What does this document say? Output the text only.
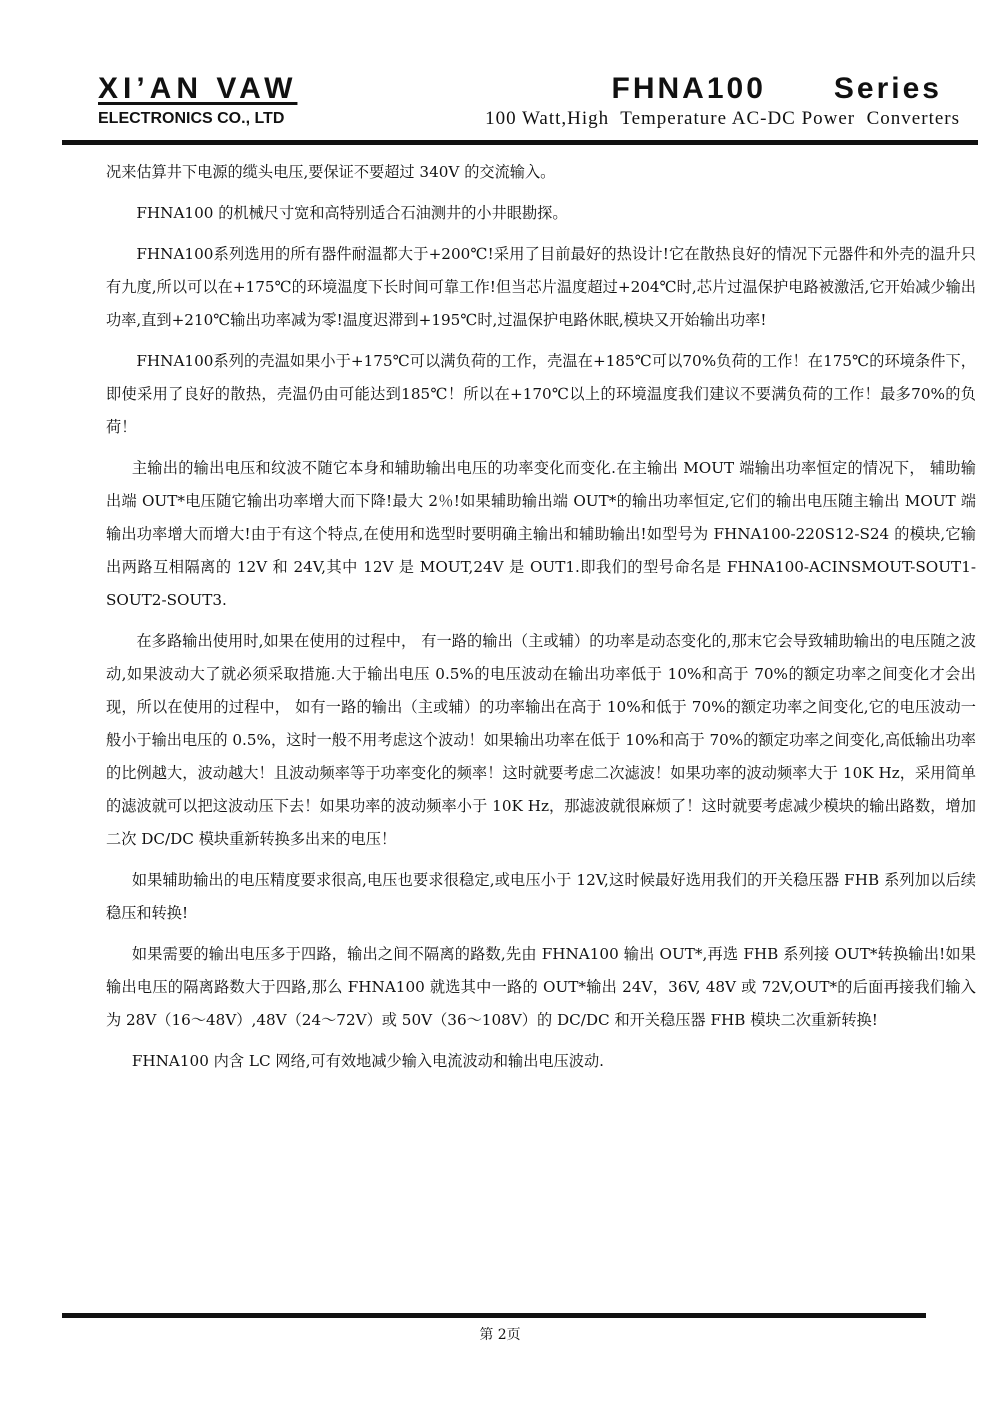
XI’AN VAW
ELECTRONICS CO., LTD
FHNA100      Series
100 Watt,High  Temperature AC-DC Power  Converters

况来估算井下电源的缆头电压,要保证不要超过 340V 的交流输入。

FHNA100 的机械尺寸宽和高特别适合石油测井的小井眼勘探。

FHNA100系列选用的所有器件耐温都大于+200℃!采用了目前最好的热设计!它在散热良好的情况下元器件和外壳的温升只有九度,所以可以在+175℃的环境温度下长时间可靠工作!但当芯片温度超过+204℃时,芯片过温保护电路被激活,它开始减少输出功率,直到+210℃输出功率减为零!温度迟滞到+195℃时,过温保护电路休眠,模块又开始输出功率!

FHNA100系列的壳温如果小于+175℃可以满负荷的工作，壳温在+185℃可以70%负荷的工作！在175℃的环境条件下，即使采用了良好的散热，壳温仍由可能达到185℃！所以在+170℃以上的环境温度我们建议不要满负荷的工作！最多70%的负荷！

主输出的输出电压和纹波不随它本身和辅助输出电压的功率变化而变化.在主输出 MOUT 端输出功率恒定的情况下， 辅助输出端 OUT*电压随它输出功率增大而下降!最大 2％!如果辅助输出端 OUT*的输出功率恒定,它们的输出电压随主输出 MOUT 端输出功率增大而增大!由于有这个特点,在使用和选型时要明确主输出和辅助输出!如型号为 FHNA100-220S12-S24 的模块,它输出两路互相隔离的 12V 和 24V,其中 12V 是 MOUT,24V 是 OUT1.即我们的型号命名是 FHNA100-ACINSMOUT-SOUT1-SOUT2-SOUT3.

在多路输出使用时,如果在使用的过程中， 有一路的输出（主或辅）的功率是动态变化的,那末它会导致辅助输出的电压随之波动,如果波动大了就必须采取措施.大于输出电压 0.5%的电压波动在输出功率低于 10%和高于 70%的额定功率之间变化才会出现，所以在使用的过程中， 如有一路的输出（主或辅）的功率输出在高于 10%和低于 70%的额定功率之间变化,它的电压波动一般小于输出电压的 0.5%，这时一般不用考虑这个波动！如果输出功率在低于 10%和高于 70%的额定功率之间变化,高低输出功率的比例越大，波动越大！且波动频率等于功率变化的频率！这时就要考虑二次滤波！如果功率的波动频率大于 10K Hz，采用简单的滤波就可以把这波动压下去！如果功率的波动频率小于 10K Hz，那滤波就很麻烦了！这时就要考虑减少模块的输出路数，增加二次 DC/DC 模块重新转换多出来的电压！

如果辅助输出的电压精度要求很高,电压也要求很稳定,或电压小于 12V,这时候最好选用我们的开关稳压器 FHB 系列加以后续稳压和转换!

如果需要的输出电压多于四路，输出之间不隔离的路数,先由 FHNA100 输出 OUT*,再选 FHB 系列接 OUT*转换输出!如果输出电压的隔离路数大于四路,那么 FHNA100 就选其中一路的 OUT*输出 24V，36V, 48V 或 72V,OUT*的后面再接我们输入为 28V（16～48V）,48V（24～72V）或 50V（36～108V）的 DC/DC 和开关稳压器 FHB 模块二次重新转换!

FHNA100 内含 LC 网络,可有效地减少输入电流波动和输出电压波动.

第 2页
